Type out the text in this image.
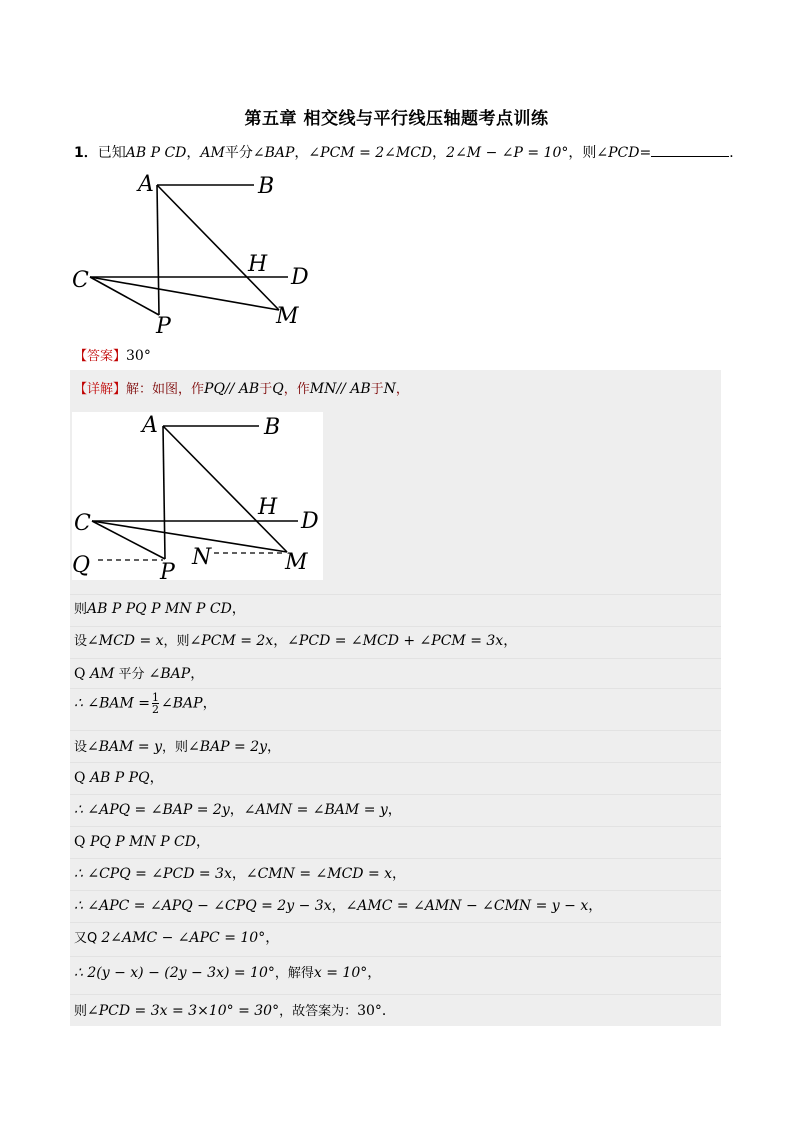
第五章 相交线与平行线压轴题考点训练
1．已知AB P CD，AM平分∠BAP，∠PCM = 2∠MCD，2∠M − ∠P = 10°，则∠PCD=	．
A	B
H
D
C
M
P
【答案】30°
【详解】解：如图，作PQ// AB于Q，作MN// AB于N，
A	B
H
D
C
Q	P
N	M
则AB P PQ P MN P CD，
设∠MCD = x，则∠PCM = 2x，∠PCD = ∠MCD + ∠PCM = 3x，
Q AM 平分 ∠BAP，
∴ ∠BAM = $\frac{1}{2}$ ∠BAP，
设∠BAM = y，则∠BAP = 2y，
Q AB P PQ，
∴ ∠APQ = ∠BAP = 2y，∠AMN = ∠BAM = y，
Q PQ P MN P CD，
∴ ∠CPQ = ∠PCD = 3x，∠CMN = ∠MCD = x，
∴ ∠APC = ∠APQ − ∠CPQ = 2y − 3x，∠AMC = ∠AMN − ∠CMN = y − x，
又Q 2∠AMC − ∠APC = 10°，
∴ 2(y − x) − (2y − 3x) = 10°，解得x = 10°，
则∠PCD = 3x = 3×10° = 30°，故答案为：30°．
